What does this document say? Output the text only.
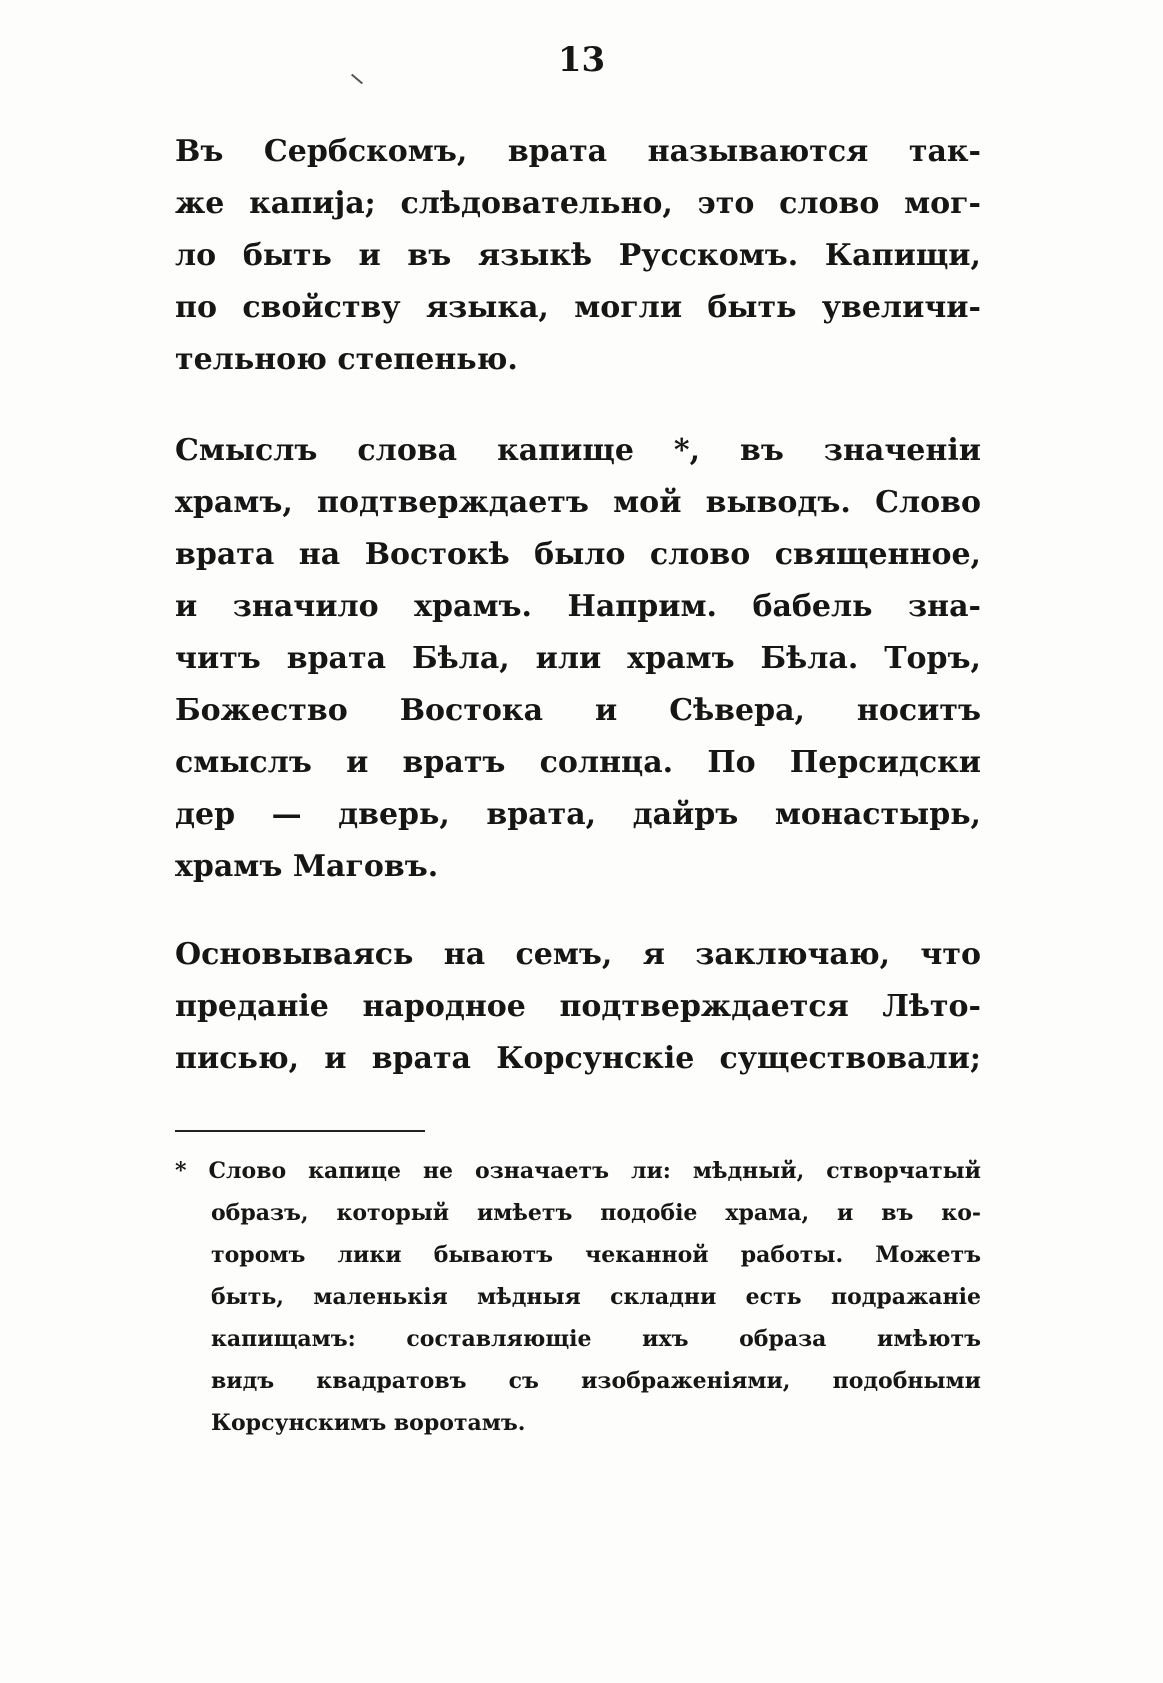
13
Въ Сербскомъ, врата называются так-
же капиjа; слѣдовательно, это слово мог-
ло быть и въ языкѣ Русскомъ. Капищи,
по свойству языка, могли быть увеличи-
тельною степенью.
Смыслъ слова капище *, въ значенiи
храмъ, подтверждаетъ мой выводъ. Слово
врата на Востокѣ было слово священное,
и значило храмъ. Наприм. бабель зна-
читъ врата Бѣла, или храмъ Бѣла. Торъ,
Божество Востока и Сѣвера, носитъ
смыслъ и вратъ солнца. По Персидски
дер — дверь, врата, дайръ монастырь,
храмъ Маговъ.
Основываясь на семъ, я заключаю, что
преданiе народное подтверждается Лѣто-
писью, и врата Корсунскiе существовали;
* Слово капице не означаетъ ли: мѣдный, створчатый
образъ, который имѣетъ подобiе храма, и въ ко-
торомъ лики бываютъ чеканной работы. Можетъ
быть, маленькiя мѣдныя складни есть подражанiе
капищамъ: составляющiе ихъ образа имѣютъ
видъ квадратовъ съ изображенiями, подобными
Корсунскимъ воротамъ.
